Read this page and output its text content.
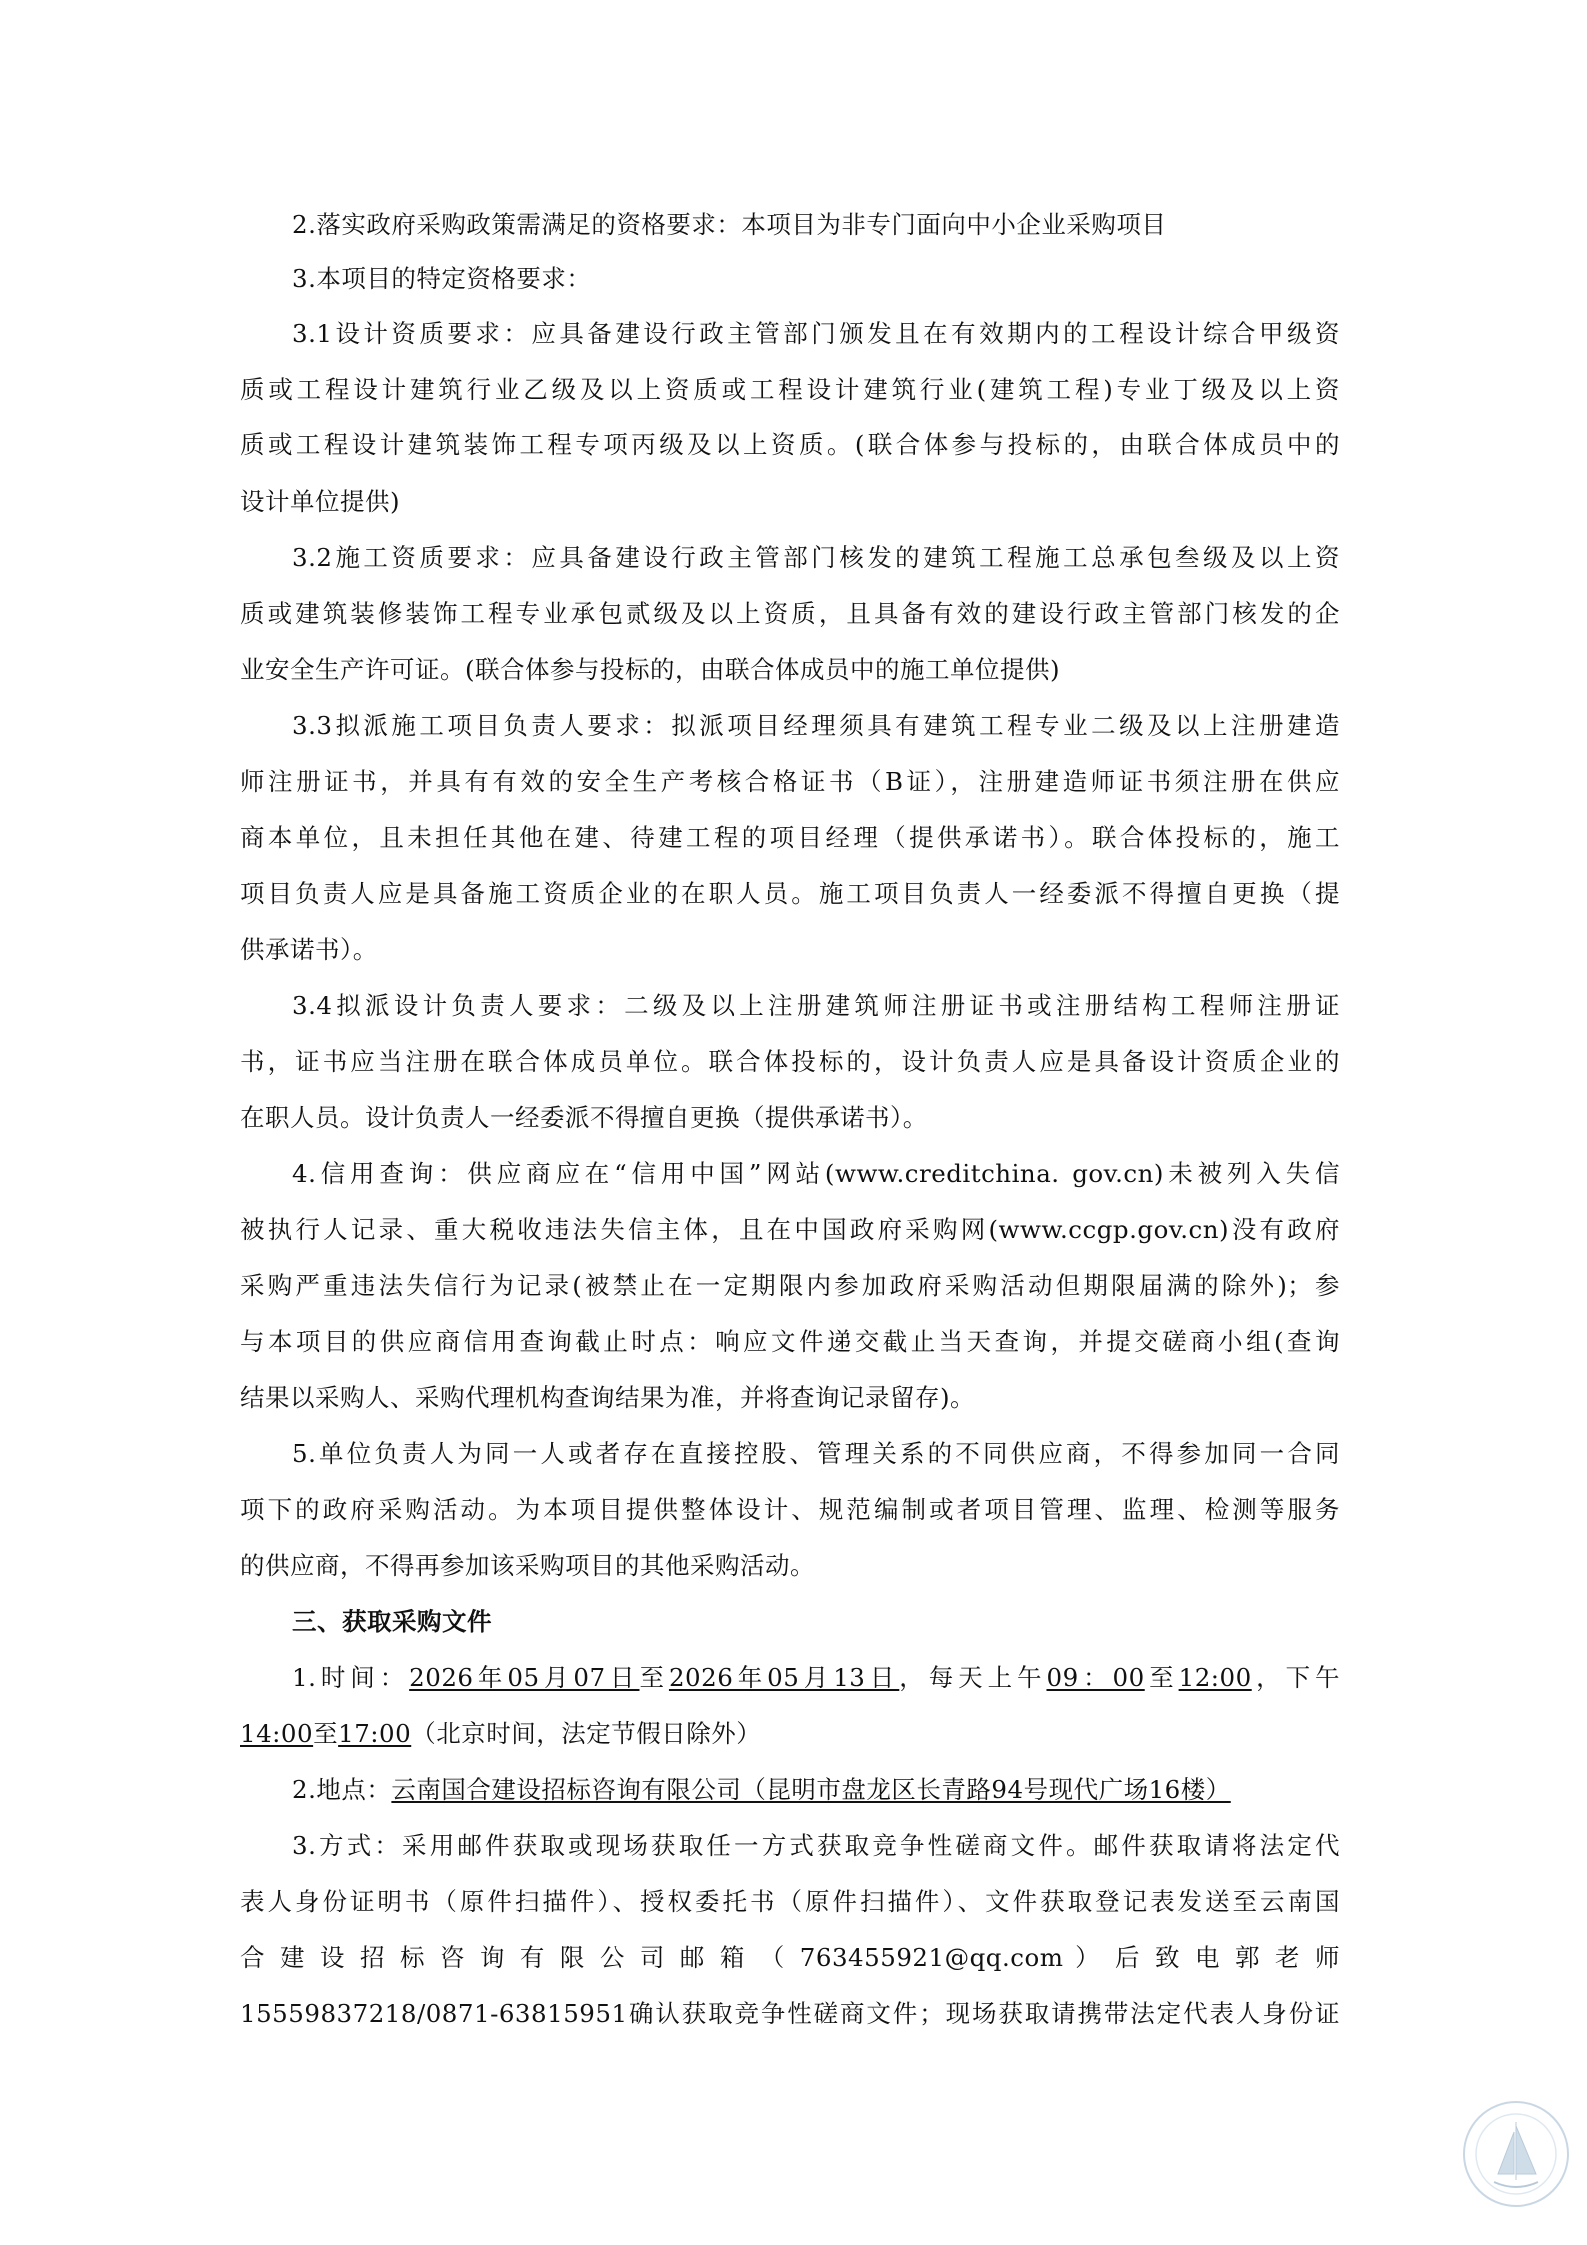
2.落实政府采购政策需满足的资格要求：本项目为非专门面向中小企业采购项目
3.本项目的特定资格要求：
3.1设计资质要求：应具备建设行政主管部门颁发且在有效期内的工程设计综合甲级资
质或工程设计建筑行业乙级及以上资质或工程设计建筑行业(建筑工程)专业丁级及以上资
质或工程设计建筑装饰工程专项丙级及以上资质。(联合体参与投标的，由联合体成员中的
设计单位提供)
3.2施工资质要求：应具备建设行政主管部门核发的建筑工程施工总承包叁级及以上资
质或建筑装修装饰工程专业承包贰级及以上资质，且具备有效的建设行政主管部门核发的企
业安全生产许可证。(联合体参与投标的，由联合体成员中的施工单位提供)
3.3拟派施工项目负责人要求：拟派项目经理须具有建筑工程专业二级及以上注册建造
师注册证书，并具有有效的安全生产考核合格证书（B证），注册建造师证书须注册在供应
商本单位，且未担任其他在建、待建工程的项目经理（提供承诺书）。联合体投标的，施工
项目负责人应是具备施工资质企业的在职人员。施工项目负责人一经委派不得擅自更换（提
供承诺书）。
3.4拟派设计负责人要求：二级及以上注册建筑师注册证书或注册结构工程师注册证
书，证书应当注册在联合体成员单位。联合体投标的，设计负责人应是具备设计资质企业的
在职人员。设计负责人一经委派不得擅自更换（提供承诺书）。
4.信用查询：供应商应在“信用中国”网站(www.creditchina. gov.cn)未被列入失信
被执行人记录、重大税收违法失信主体，且在中国政府采购网(www.ccgp.gov.cn)没有政府
采购严重违法失信行为记录(被禁止在一定期限内参加政府采购活动但期限届满的除外)；参
与本项目的供应商信用查询截止时点：响应文件递交截止当天查询，并提交磋商小组(查询
结果以采购人、采购代理机构查询结果为准，并将查询记录留存)。
5.单位负责人为同一人或者存在直接控股、管理关系的不同供应商，不得参加同一合同
项下的政府采购活动。为本项目提供整体设计、规范编制或者项目管理、监理、检测等服务
的供应商，不得再参加该采购项目的其他采购活动。
三、获取采购文件
1.时间：2026年05月07日至2026年05月13日，每天上午09：00至12:00，下午
14:00至17:00（北京时间，法定节假日除外）
2.地点：云南国合建设招标咨询有限公司（昆明市盘龙区长青路94号现代广场16楼）
3.方式：采用邮件获取或现场获取任一方式获取竞争性磋商文件。邮件获取请将法定代
表人身份证明书（原件扫描件）、授权委托书（原件扫描件）、文件获取登记表发送至云南国
合 建 设 招 标 咨 询 有 限 公 司 邮 箱 （ 763455921@qq.com ） 后 致 电 郭 老 师
15559837218/0871-63815951确认获取竞争性磋商文件；现场获取请携带法定代表人身份证
